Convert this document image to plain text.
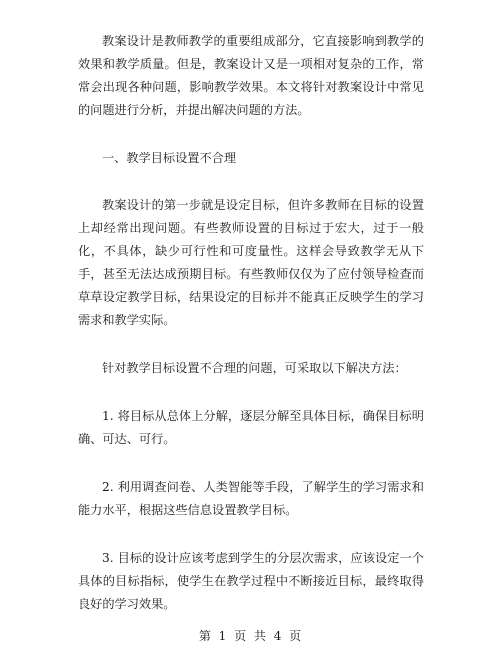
教案设计是教师教学的重要组成部分，它直接影响到教学的效果和教学质量。但是，教案设计又是一项相对复杂的工作，常常会出现各种问题，影响教学效果。本文将针对教案设计中常见的问题进行分析，并提出解决问题的方法。

一、教学目标设置不合理

教案设计的第一步就是设定目标，但许多教师在目标的设置上却经常出现问题。有些教师设置的目标过于宏大，过于一般化，不具体，缺少可行性和可度量性。这样会导致教学无从下手，甚至无法达成预期目标。有些教师仅仅为了应付领导检查而草草设定教学目标，结果设定的目标并不能真正反映学生的学习需求和教学实际。

针对教学目标设置不合理的问题，可采取以下解决方法：

1. 将目标从总体上分解，逐层分解至具体目标，确保目标明确、可达、可行。

2. 利用调查问卷、人类智能等手段，了解学生的学习需求和能力水平，根据这些信息设置教学目标。

3. 目标的设计应该考虑到学生的分层次需求，应该设定一个具体的目标指标，使学生在教学过程中不断接近目标，最终取得良好的学习效果。

第 1 页 共 4 页
